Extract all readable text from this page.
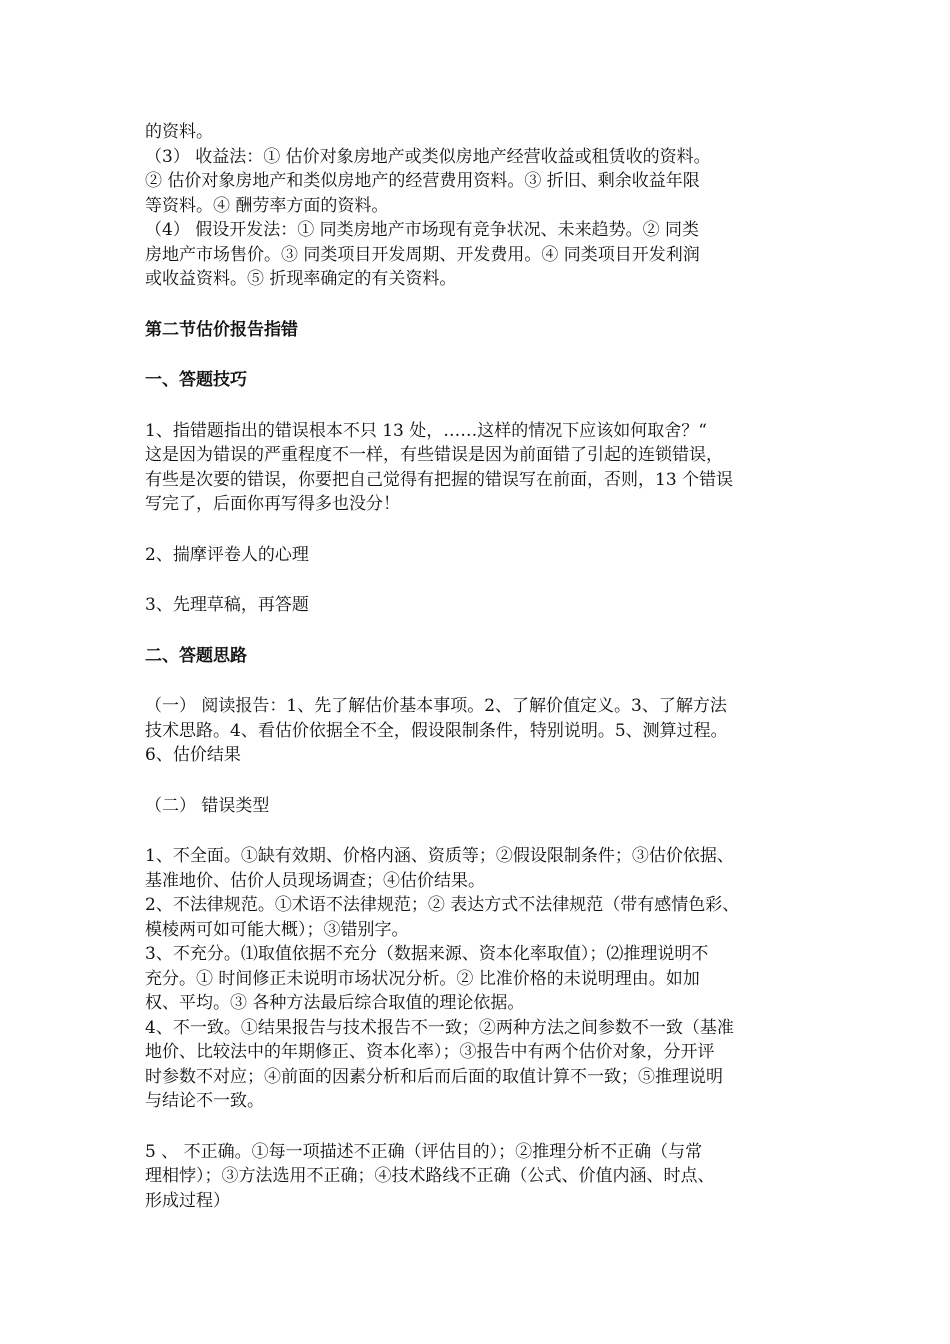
的资料。
（3） 收益法：① 估价对象房地产或类似房地产经营收益或租赁收的资料。
② 估价对象房地产和类似房地产的经营费用资料。③ 折旧、剩余收益年限
等资料。④ 酬劳率方面的资料。
（4） 假设开发法：① 同类房地产市场现有竞争状况、未来趋势。② 同类
房地产市场售价。③ 同类项目开发周期、开发费用。④ 同类项目开发利润
或收益资料。⑤ 折现率确定的有关资料。
第二节估价报告指错
一、答题技巧
1、指错题指出的错误根本不只 13 处，……这样的情况下应该如何取舍？“
这是因为错误的严重程度不一样，有些错误是因为前面错了引起的连锁错误，
有些是次要的错误，你要把自己觉得有把握的错误写在前面，否则，13 个错误
写完了，后面你再写得多也没分！
2、揣摩评卷人的心理
3、先理草稿，再答题
二、答题思路
（一） 阅读报告：1、先了解估价基本事项。2、了解价值定义。3、了解方法
技术思路。4、看估价依据全不全，假设限制条件，特别说明。5、测算过程。
6、估价结果
（二） 错误类型
1、不全面。①缺有效期、价格内涵、资质等；②假设限制条件；③估价依据、
基准地价、估价人员现场调查；④估价结果。
2、不法律规范。①术语不法律规范；② 表达方式不法律规范（带有感情色彩、
模棱两可如可能大概）；③错别字。
3、不充分。⑴取值依据不充分（数据来源、资本化率取值）；⑵推理说明不
充分。① 时间修正未说明市场状况分析。② 比准价格的未说明理由。如加
权、平均。③ 各种方法最后综合取值的理论依据。
4、不一致。①结果报告与技术报告不一致；②两种方法之间参数不一致（基准
地价、比较法中的年期修正、资本化率）；③报告中有两个估价对象，分开评
时参数不对应；④前面的因素分析和后而后面的取值计算不一致；⑤推理说明
与结论不一致。
5 、 不正确。①每一项描述不正确（评估目的）；②推理分析不正确（与常
理相悖）；③方法选用不正确；④技术路线不正确（公式、价值内涵、时点、
形成过程）
